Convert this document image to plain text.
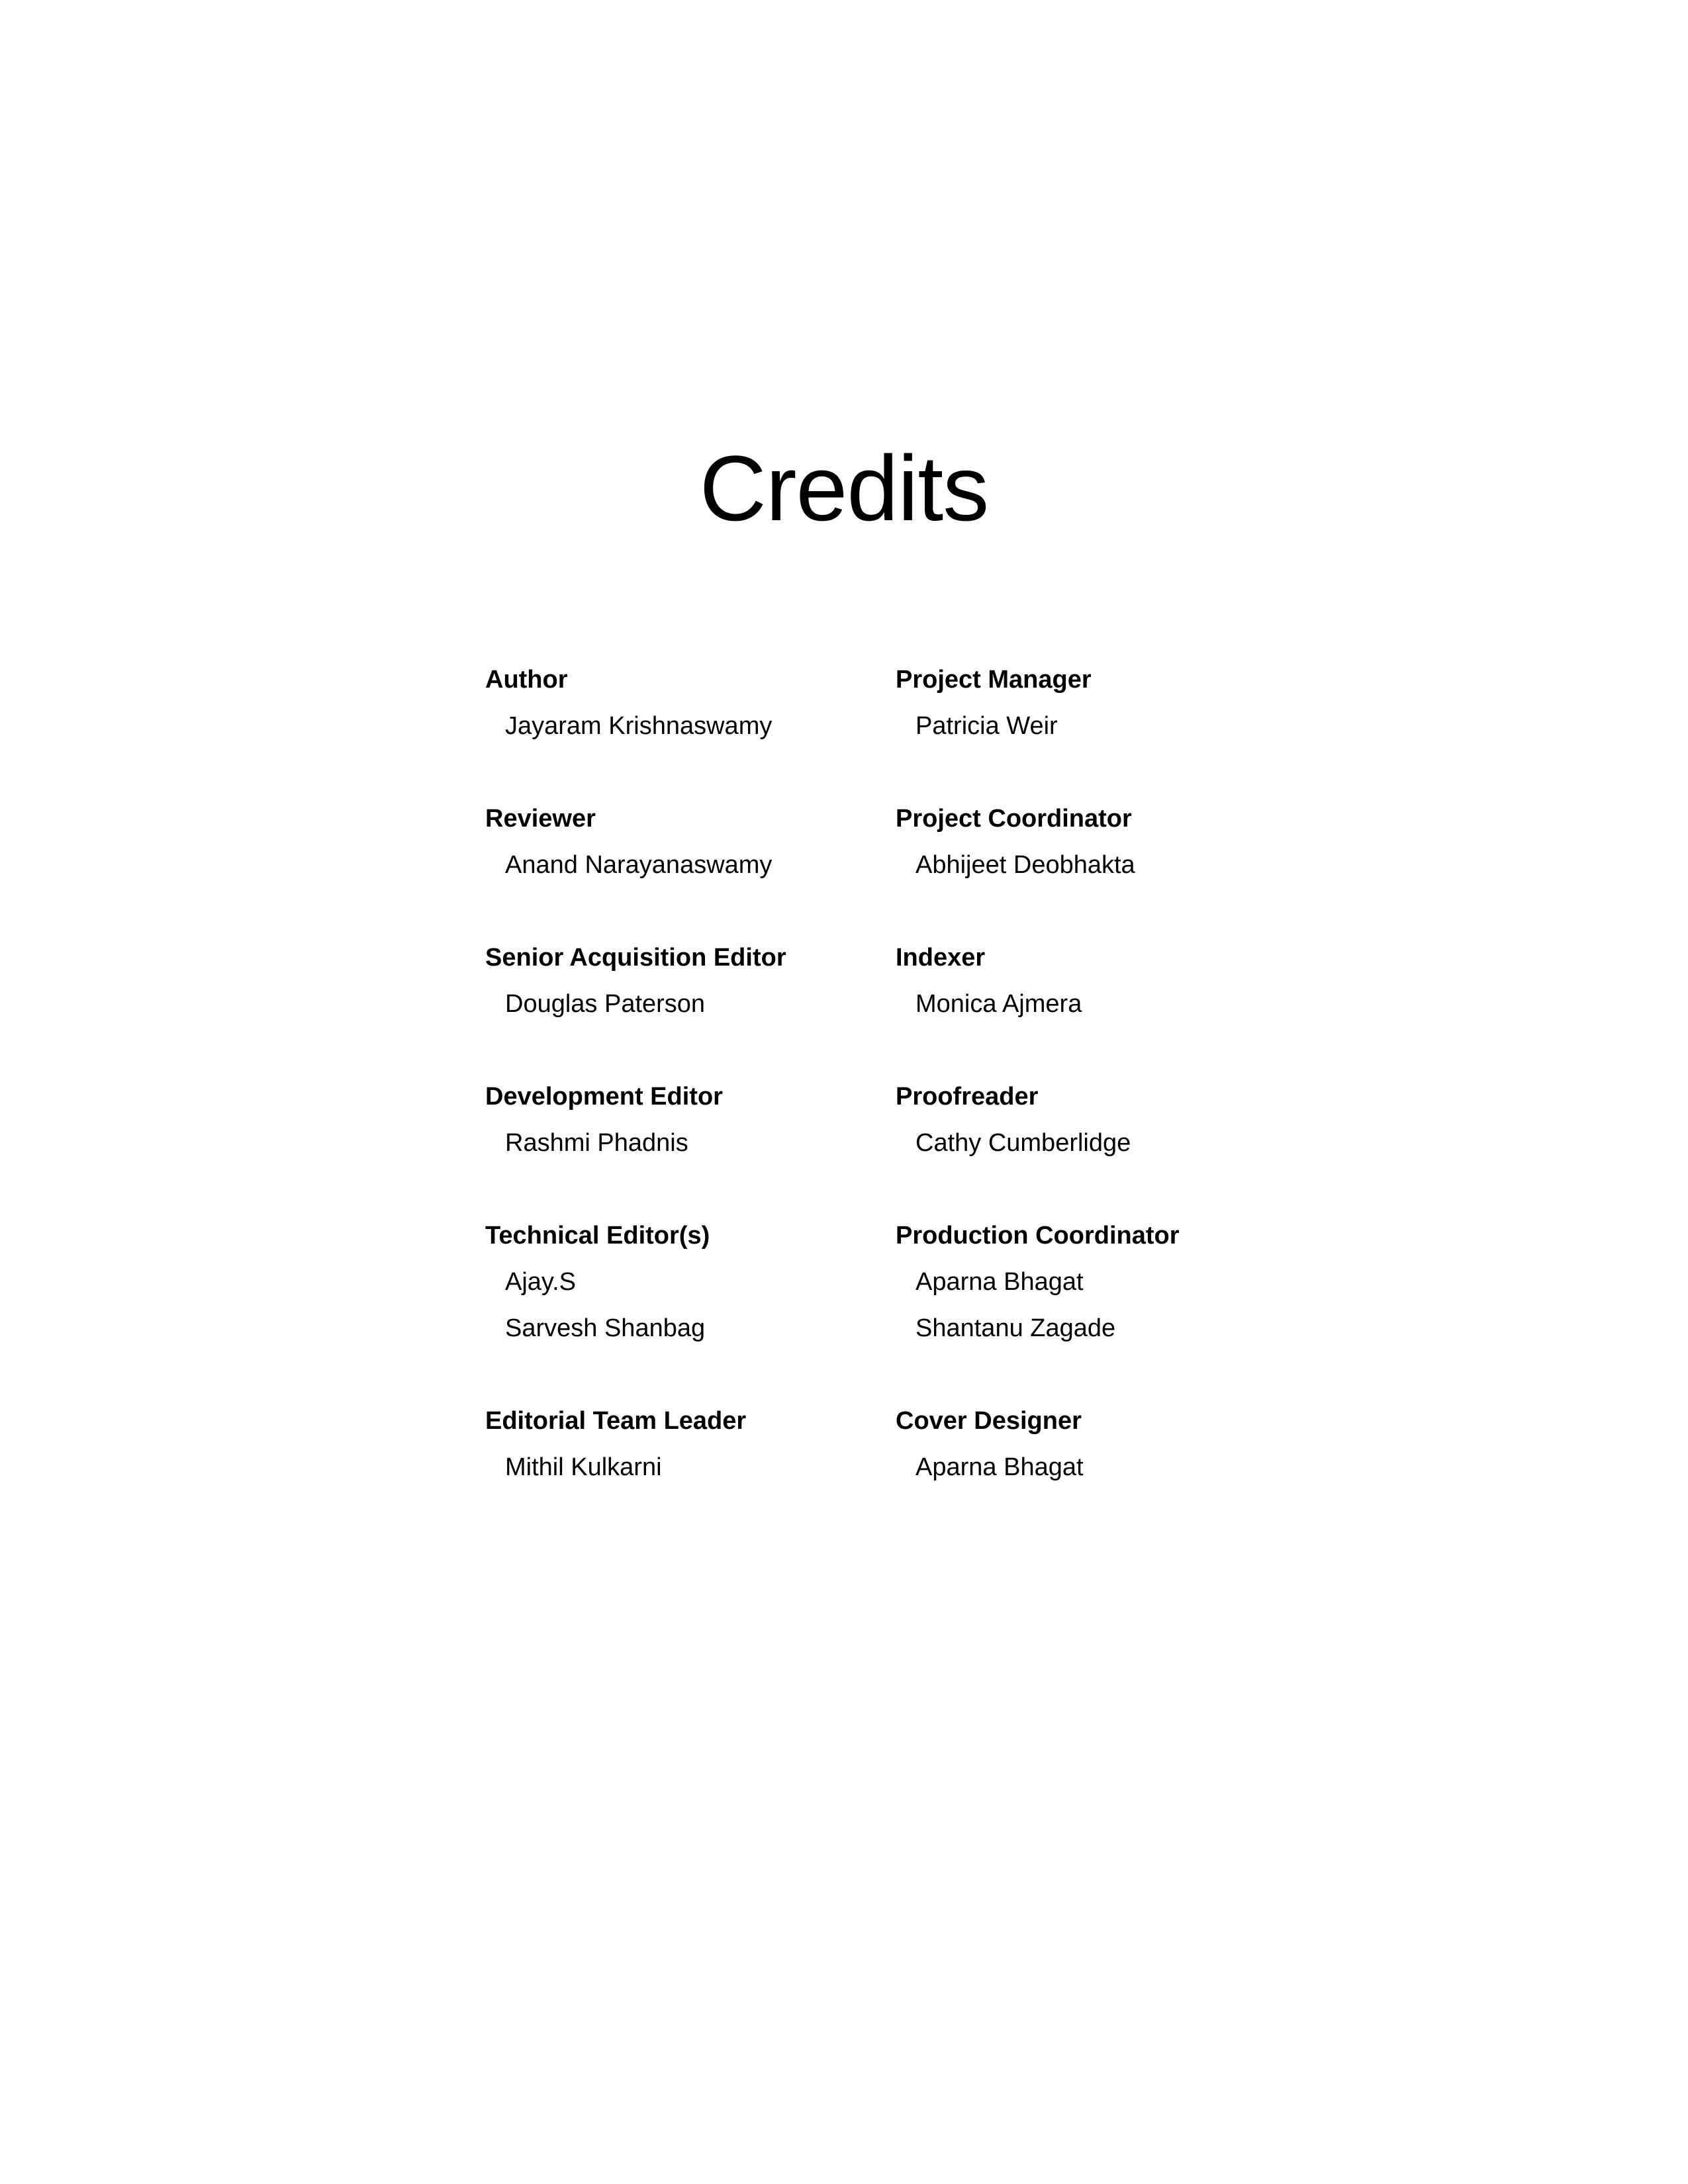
Credits
Author
Jayaram Krishnaswamy
Reviewer
Anand Narayanaswamy
Senior Acquisition Editor
Douglas Paterson
Development Editor
Rashmi Phadnis
Technical Editor(s)
Ajay.S
Sarvesh Shanbag
Editorial Team Leader
Mithil Kulkarni
Project Manager
Patricia Weir
Project Coordinator
Abhijeet Deobhakta
Indexer
Monica Ajmera
Proofreader
Cathy Cumberlidge
Production Coordinator
Aparna Bhagat
Shantanu Zagade
Cover Designer
Aparna Bhagat
